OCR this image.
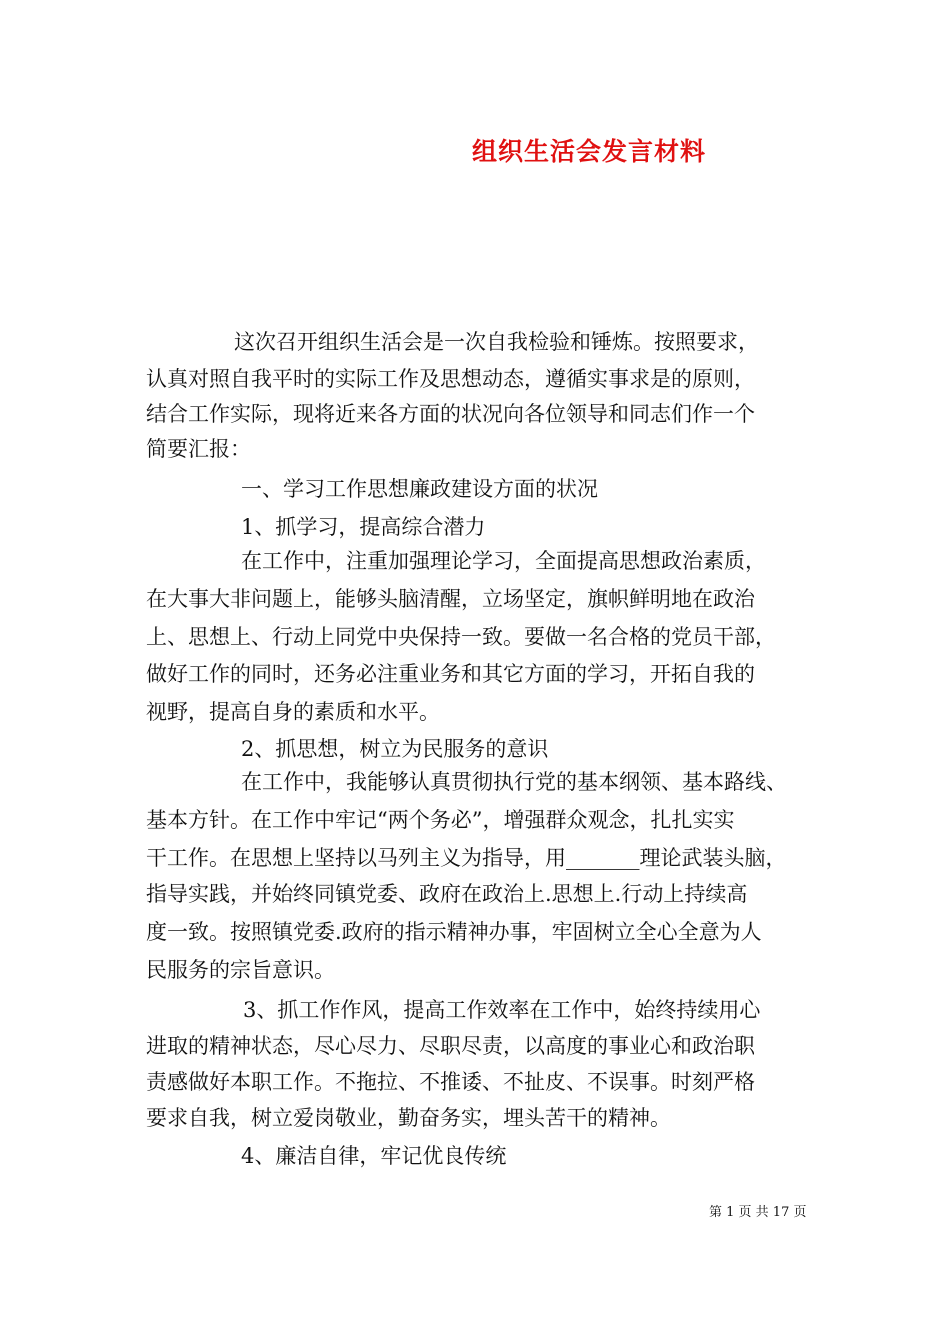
组织生活会发言材料
这次召开组织生活会是一次自我检验和锤炼。按照要求，
认真对照自我平时的实际工作及思想动态，遵循实事求是的原则，
结合工作实际，现将近来各方面的状况向各位领导和同志们作一个
简要汇报：
一、学习工作思想廉政建设方面的状况
1、抓学习，提高综合潜力
在工作中，注重加强理论学习，全面提高思想政治素质，
在大事大非问题上，能够头脑清醒，立场坚定，旗帜鲜明地在政治
上、思想上、行动上同党中央保持一致。要做一名合格的党员干部，
做好工作的同时，还务必注重业务和其它方面的学习，开拓自我的
视野，提高自身的素质和水平。
2、抓思想，树立为民服务的意识
在工作中，我能够认真贯彻执行党的基本纲领、基本路线、
基本方针。在工作中牢记“两个务必”，增强群众观念，扎扎实实
干工作。在思想上坚持以马列主义为指导，用_______理论武装头脑，
指导实践，并始终同镇党委、政府在政治上.思想上.行动上持续高
度一致。按照镇党委.政府的指示精神办事，牢固树立全心全意为人
民服务的宗旨意识。
3、抓工作作风，提高工作效率在工作中，始终持续用心
进取的精神状态，尽心尽力、尽职尽责，以高度的事业心和政治职
责感做好本职工作。不拖拉、不推诿、不扯皮、不误事。时刻严格
要求自我，树立爱岗敬业，勤奋务实，埋头苦干的精神。
4、廉洁自律，牢记优良传统
第 1 页 共 17 页
